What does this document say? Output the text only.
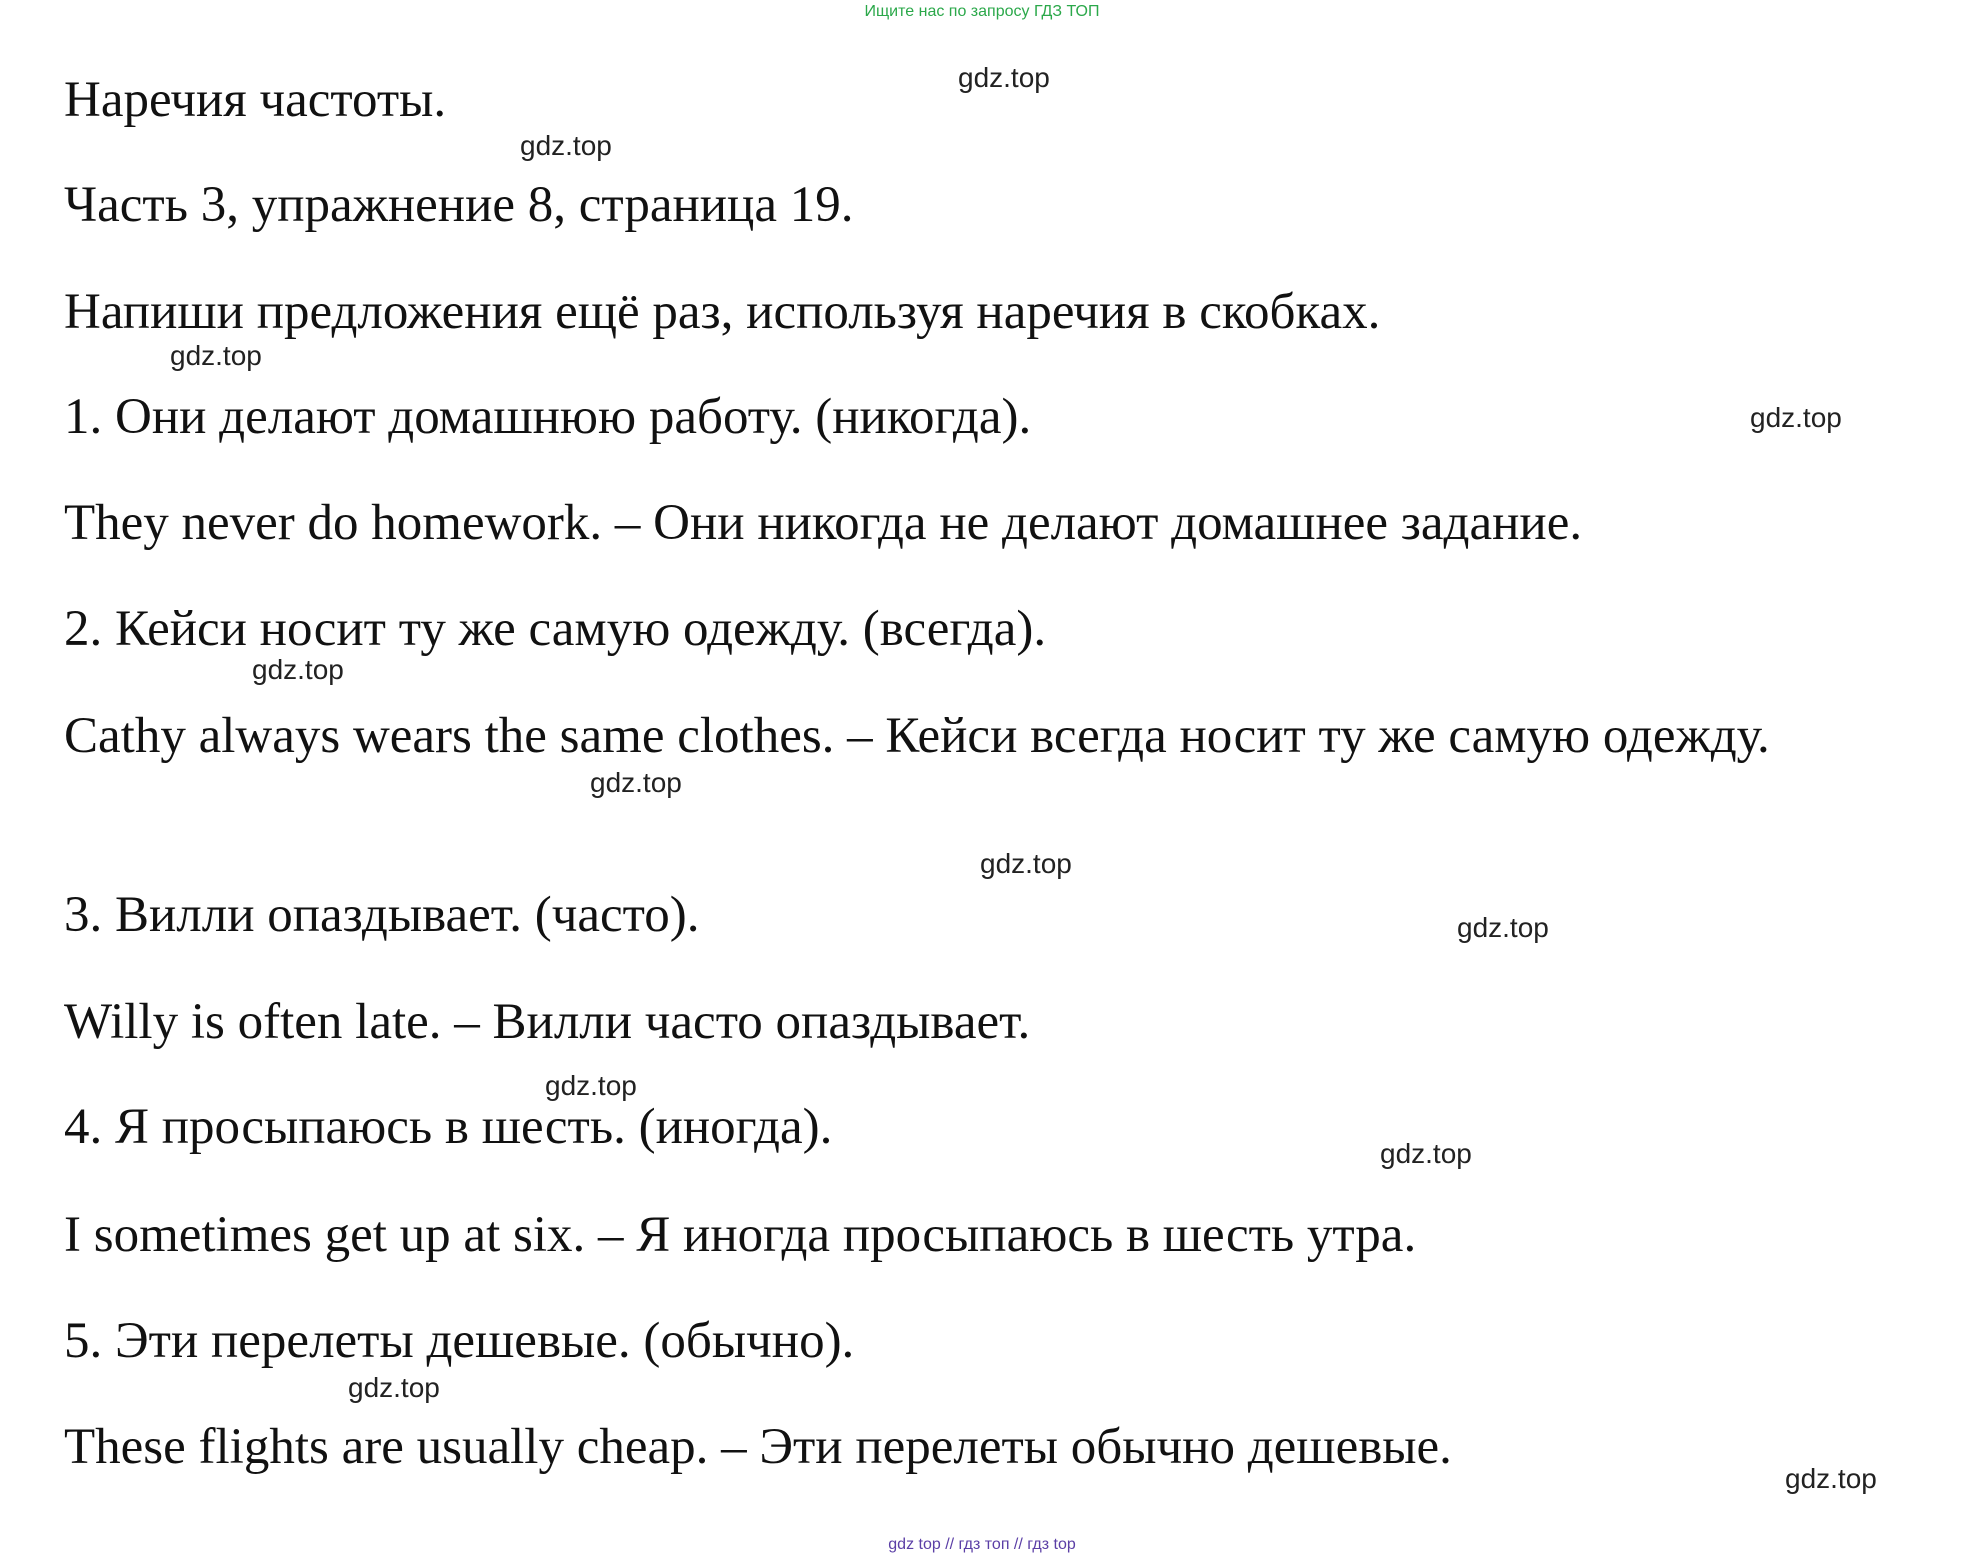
Ищите нас по запросу ГДЗ ТОП
Наречия частоты.
Часть 3, упражнение 8, страница 19.
Напиши предложения ещё раз, используя наречия в скобках.
1. Они делают домашнюю работу. (никогда).
They never do homework. – Они никогда не делают домашнее задание.
2. Кейси носит ту же самую одежду. (всегда).
Cathy always wears the same clothes. – Кейси всегда носит ту же самую одежду.
3. Вилли опаздывает. (часто).
Willy is often late. – Вилли часто опаздывает.
4. Я просыпаюсь в шесть. (иногда).
I sometimes get up at six. – Я иногда просыпаюсь в шесть утра.
5. Эти перелеты дешевые. (обычно).
These flights are usually cheap. – Эти перелеты обычно дешевые.
gdz.top
gdz.top
gdz.top
gdz.top
gdz.top
gdz.top
gdz.top
gdz.top
gdz.top
gdz.top
gdz.top
gdz.top
gdz top // гдз топ // гдз top
